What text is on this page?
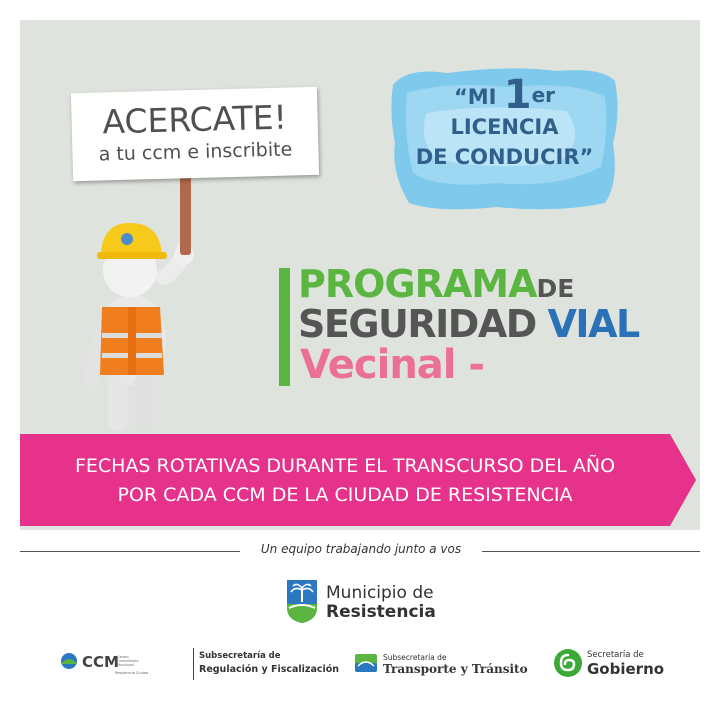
ACERCATE!
a tu ccm e inscribite
“MI 1er
LICENCIA
DE CONDUCIR”
PROGRAMADE
SEGURIDAD VIAL
Vecinal -
FECHAS ROTATIVAS DURANTE EL TRANSCURSO DEL AÑO
POR CADA CCM DE LA CIUDAD DE RESISTENCIA
Un equipo trabajando junto a vos
Municipio de
Resistencia
CCM
Centro Comunitario Municipal
Resistencia Ciudad
Subsecretaría de
Regulación y Fiscalización
Subsecretaría de
Transporte y Tránsito
Secretaría de
Gobierno
